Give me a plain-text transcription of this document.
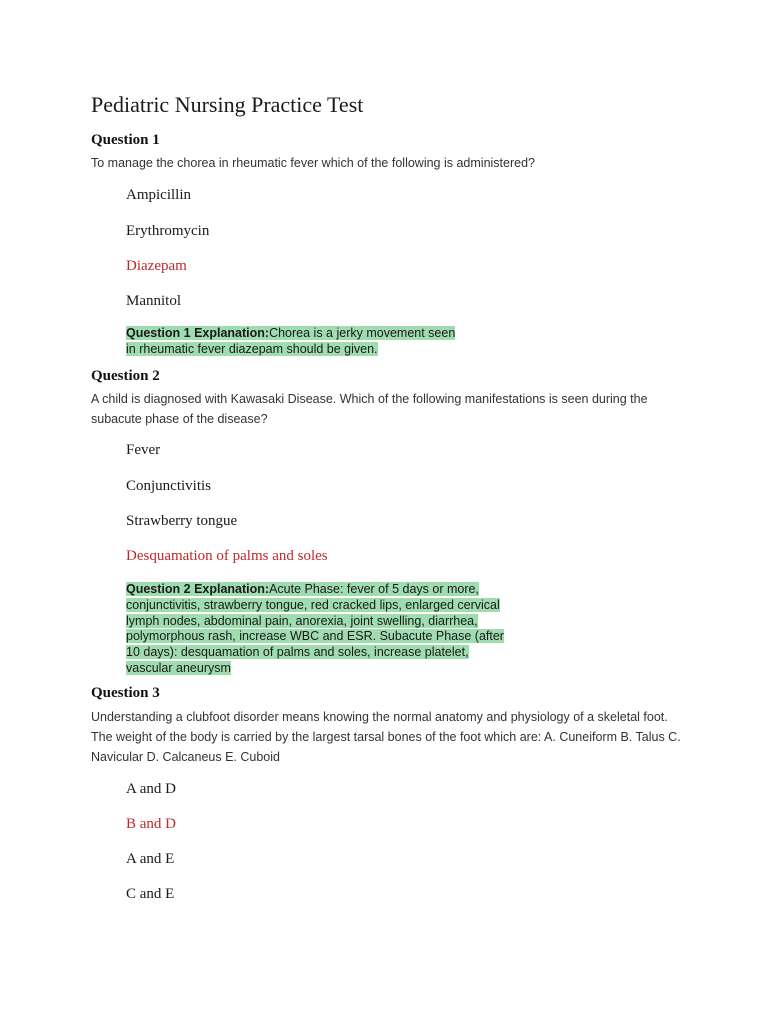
Pediatric Nursing Practice Test
Question 1
To manage the chorea in rheumatic fever which of the following is administered?
Ampicillin
Erythromycin
Diazepam
Mannitol
Question 1 Explanation:Chorea is a jerky movement seen
in rheumatic fever diazepam should be given.
Question 2
A child is diagnosed with Kawasaki Disease. Which of the following manifestations is seen during the subacute phase of the disease?
Fever
Conjunctivitis
Strawberry tongue
Desquamation of palms and soles
Question 2 Explanation:Acute Phase: fever of 5 days or more,
conjunctivitis, strawberry tongue, red cracked lips, enlarged cervical
lymph nodes, abdominal pain, anorexia, joint swelling, diarrhea,
polymorphous rash, increase WBC and ESR. Subacute Phase (after
10 days): desquamation of palms and soles, increase platelet,
vascular aneurysm
Question 3
Understanding a clubfoot disorder means knowing the normal anatomy and physiology of a skeletal foot. The weight of the body is carried by the largest tarsal bones of the foot which are: A. Cuneiform B. Talus C. Navicular D. Calcaneus E. Cuboid
A and D
B and D
A and E
C and E
